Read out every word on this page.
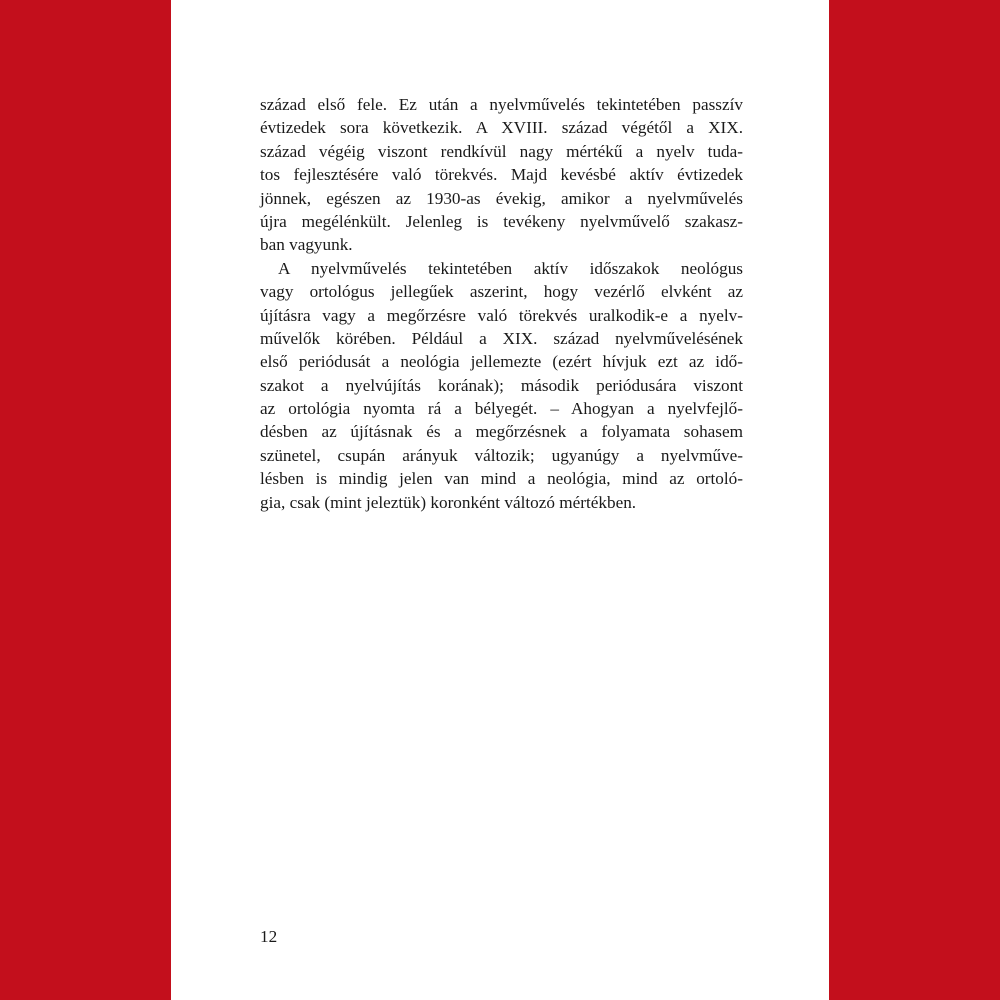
század első fele. Ez után a nyelvművelés tekintetében passzív
évtizedek sora következik. A XVIII. század végétől a XIX.
század végéig viszont rendkívül nagy mértékű a nyelv tuda-
tos fejlesztésére való törekvés. Majd kevésbé aktív évtizedek
jönnek, egészen az 1930-as évekig, amikor a nyelvművelés
újra megélénkült. Jelenleg is tevékeny nyelvművelő szakasz-
ban vagyunk.
A nyelvművelés tekintetében aktív időszakok neológus
vagy ortológus jellegűek aszerint, hogy vezérlő elvként az
újításra vagy a megőrzésre való törekvés uralkodik-e a nyelv-
művelők körében. Például a XIX. század nyelvművelésének
első periódusát a neológia jellemezte (ezért hívjuk ezt az idő-
szakot a nyelvújítás korának); második periódusára viszont
az ortológia nyomta rá a bélyegét. – Ahogyan a nyelvfejlő-
désben az újításnak és a megőrzésnek a folyamata sohasem
szünetel, csupán arányuk változik; ugyanúgy a nyelvműve-
lésben is mindig jelen van mind a neológia, mind az ortoló-
gia, csak (mint jeleztük) koronként változó mértékben.
12
